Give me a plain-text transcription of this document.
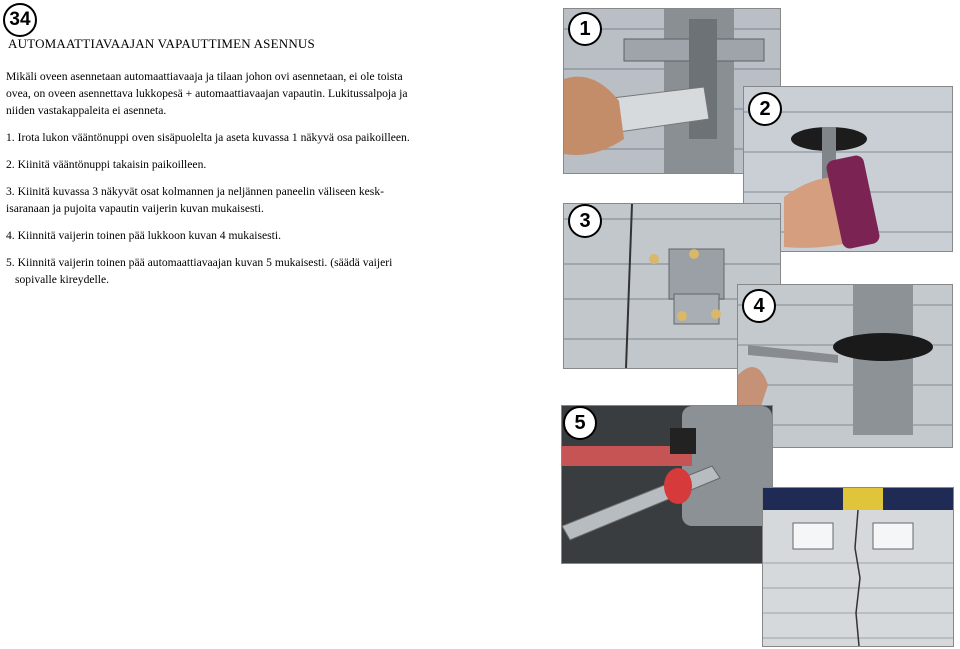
34
AUTOMAATTIAVAAJAN VAPAUTTIMEN ASENNUS

Mikäli oveen asennetaan automaattiavaaja ja tilaan johon ovi asennetaan, ei ole toista

ovea, on oveen asennettava lukkopesä + automaattiavaajan vapautin. Lukitussalpoja ja

niiden vastakappaleita ei asenneta.

1. Irota lukon vääntönuppi oven sisäpuolelta ja aseta kuvassa 1 näkyvä osa paikoilleen.

2. Kiinitä vääntönuppi takaisin paikoilleen.

3. Kiinitä kuvassa 3 näkyvät osat kolmannen ja neljännen paneelin väliseen kesk-

isaranaan ja pujoita vapautin vaijerin kuvan mukaisesti.

4. Kiinnitä vaijerin toinen pää lukkoon kuvan 4 mukaisesti.

5. Kiinnitä vaijerin toinen pää automaattiavaajan kuvan 5 mukaisesti. (säädä vaijeri

sopivalle kireydelle.

1
2
3
4
5
